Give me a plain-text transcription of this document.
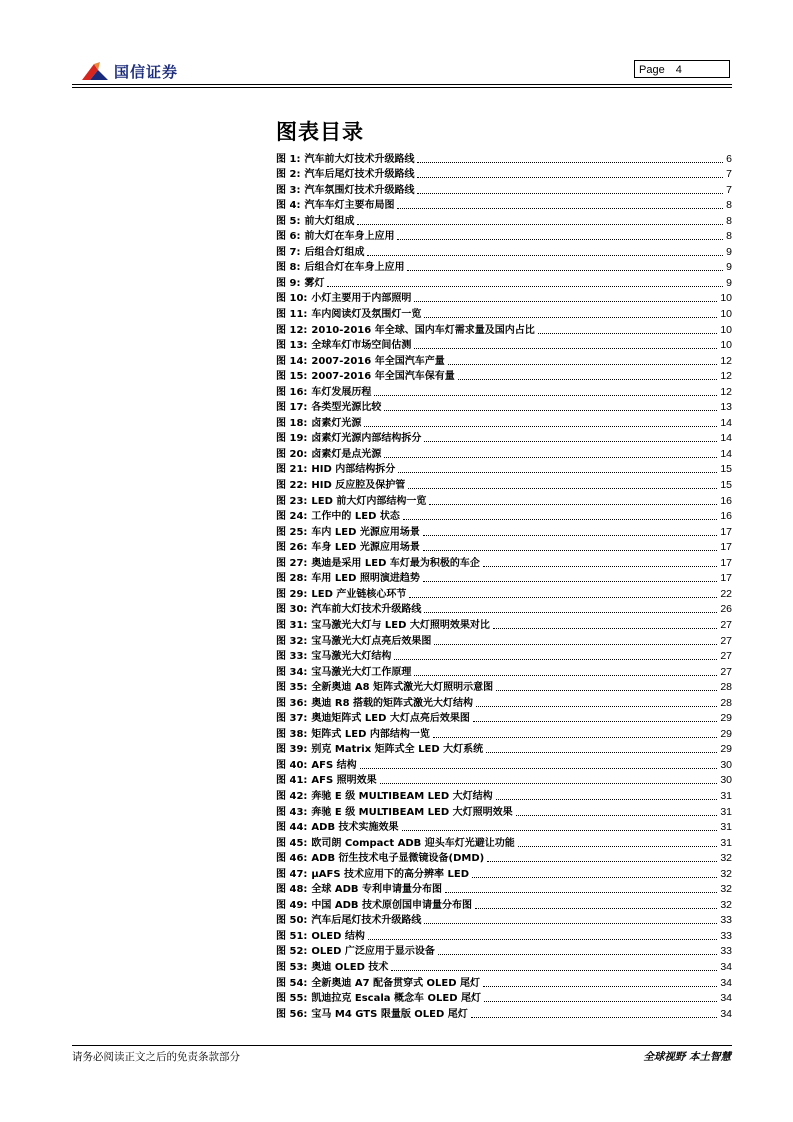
国信证券	Page 4
图表目录
图 1: 汽车前大灯技术升级路线	6
图 2: 汽车后尾灯技术升级路线	7
图 3: 汽车氛围灯技术升级路线	7
图 4: 汽车车灯主要布局图	8
图 5: 前大灯组成	8
图 6: 前大灯在车身上应用	8
图 7: 后组合灯组成	9
图 8: 后组合灯在车身上应用	9
图 9: 雾灯	9
图 10: 小灯主要用于内部照明	10
图 11: 车内阅读灯及氛围灯一览	10
图 12: 2010-2016 年全球、国内车灯需求量及国内占比	10
图 13: 全球车灯市场空间估测	10
图 14: 2007-2016 年全国汽车产量	12
图 15: 2007-2016 年全国汽车保有量	12
图 16: 车灯发展历程	12
图 17: 各类型光源比较	13
图 18: 卤素灯光源	14
图 19: 卤素灯光源内部结构拆分	14
图 20: 卤素灯是点光源	14
图 21: HID 内部结构拆分	15
图 22: HID 反应腔及保护管	15
图 23: LED 前大灯内部结构一览	16
图 24: 工作中的 LED 状态	16
图 25: 车内 LED 光源应用场景	17
图 26: 车身 LED 光源应用场景	17
图 27: 奥迪是采用 LED 车灯最为积极的车企	17
图 28: 车用 LED 照明演进趋势	17
图 29: LED 产业链核心环节	22
图 30: 汽车前大灯技术升级路线	26
图 31: 宝马激光大灯与 LED 大灯照明效果对比	27
图 32: 宝马激光大灯点亮后效果图	27
图 33: 宝马激光大灯结构	27
图 34: 宝马激光大灯工作原理	27
图 35: 全新奥迪 A8 矩阵式激光大灯照明示意图	28
图 36: 奥迪 R8 搭载的矩阵式激光大灯结构	28
图 37: 奥迪矩阵式 LED 大灯点亮后效果图	29
图 38: 矩阵式 LED 内部结构一览	29
图 39: 别克 Matrix 矩阵式全 LED 大灯系统	29
图 40: AFS 结构	30
图 41: AFS 照明效果	30
图 42: 奔驰 E 级 MULTIBEAM LED 大灯结构	31
图 43: 奔驰 E 级 MULTIBEAM LED 大灯照明效果	31
图 44: ADB 技术实施效果	31
图 45: 欧司朗 Compact ADB 迎头车灯光避让功能	31
图 46: ADB 衍生技术电子显微镜设备(DMD)	32
图 47: μAFS 技术应用下的高分辨率 LED	32
图 48: 全球 ADB 专利申请量分布图	32
图 49: 中国 ADB 技术原创国申请量分布图	32
图 50: 汽车后尾灯技术升级路线	33
图 51: OLED 结构	33
图 52: OLED 广泛应用于显示设备	33
图 53: 奥迪 OLED 技术	34
图 54: 全新奥迪 A7 配备贯穿式 OLED 尾灯	34
图 55: 凯迪拉克 Escala 概念车 OLED 尾灯	34
图 56: 宝马 M4 GTS 限量版 OLED 尾灯	34
请务必阅读正文之后的免责条款部分	全球视野 本土智慧
